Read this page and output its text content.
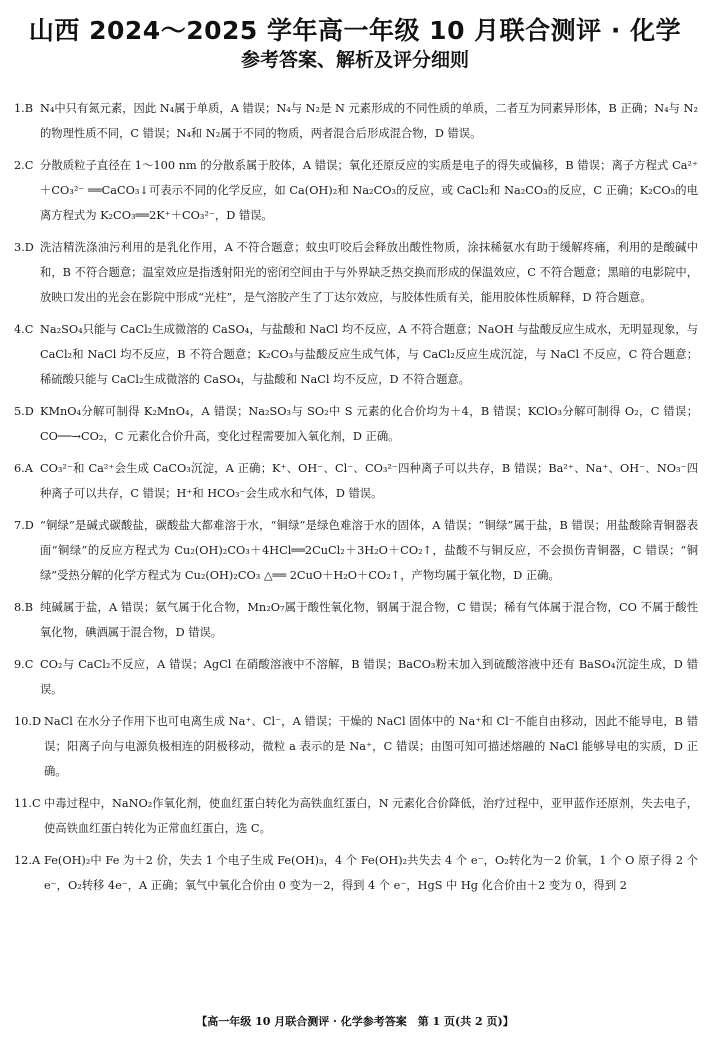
山西 2024～2025 学年高一年级 10 月联合测评 · 化学
参考答案、解析及评分细则
1.B N₄中只有氮元素，因此 N₄属于单质，A 错误；N₄与 N₂是 N 元素形成的不同性质的单质，二者互为同素异形体，B 正确；N₄与 N₂的物理性质不同，C 错误；N₄和 N₂属于不同的物质，两者混合后形成混合物，D 错误。
2.C 分散质粒子直径在 1～100 nm 的分散系属于胶体，A 错误；氧化还原反应的实质是电子的得失或偏移，B 错误；离子方程式 Ca²⁺＋CO₃²⁻ ══CaCO₃↓可表示不同的化学反应，如 Ca(OH)₂和 Na₂CO₃的反应，或 CaCl₂和 Na₂CO₃的反应，C 正确；K₂CO₃的电离方程式为 K₂CO₃══2K⁺＋CO₃²⁻，D 错误。
3.D 洗洁精洗涤油污利用的是乳化作用，A 不符合题意；蚊虫叮咬后会释放出酸性物质，涂抹稀氨水有助于缓解疼痛，利用的是酸碱中和，B 不符合题意；温室效应是指透射阳光的密闭空间由于与外界缺乏热交换而形成的保温效应，C 不符合题意；黑暗的电影院中，放映口发出的光会在影院中形成“光柱”，是气溶胶产生了丁达尔效应，与胶体性质有关，能用胶体性质解释，D 符合题意。
4.C Na₂SO₄只能与 CaCl₂生成微溶的 CaSO₄，与盐酸和 NaCl 均不反应，A 不符合题意；NaOH 与盐酸反应生成水，无明显现象，与 CaCl₂和 NaCl 均不反应，B 不符合题意；K₂CO₃与盐酸反应生成气体，与 CaCl₂反应生成沉淀，与 NaCl 不反应，C 符合题意；稀硫酸只能与 CaCl₂生成微溶的 CaSO₄，与盐酸和 NaCl 均不反应，D 不符合题意。
5.D KMnO₄分解可制得 K₂MnO₄，A 错误；Na₂SO₃与 SO₂中 S 元素的化合价均为＋4，B 错误；KClO₃分解可制得 O₂，C 错误；CO──→CO₂，C 元素化合价升高，变化过程需要加入氧化剂，D 正确。
6.A CO₃²⁻和 Ca²⁺会生成 CaCO₃沉淀，A 正确；K⁺、OH⁻、Cl⁻、CO₃²⁻四种离子可以共存，B 错误；Ba²⁺、Na⁺、OH⁻、NO₃⁻四种离子可以共存，C 错误；H⁺和 HCO₃⁻会生成水和气体，D 错误。
7.D “铜绿”是碱式碳酸盐，碳酸盐大都难溶于水，“铜绿”是绿色难溶于水的固体，A 错误；“铜绿”属于盐，B 错误；用盐酸除青铜器表面“铜绿”的反应方程式为 Cu₂(OH)₂CO₃＋4HCl══2CuCl₂＋3H₂O＋CO₂↑，盐酸不与铜反应，不会损伤青铜器，C 错误；“铜绿”受热分解的化学方程式为 Cu₂(OH)₂CO₃ △══ 2CuO＋H₂O＋CO₂↑，产物均属于氧化物，D 正确。
8.B 纯碱属于盐，A 错误；氨气属于化合物，Mn₂O₇属于酸性氧化物，钢属于混合物，C 错误；稀有气体属于混合物，CO 不属于酸性氧化物，碘酒属于混合物，D 错误。
9.C CO₂与 CaCl₂不反应，A 错误；AgCl 在硝酸溶液中不溶解，B 错误；BaCO₃粉末加入到硫酸溶液中还有 BaSO₄沉淀生成，D 错误。
10.D NaCl 在水分子作用下也可电离生成 Na⁺、Cl⁻，A 错误；干燥的 NaCl 固体中的 Na⁺和 Cl⁻不能自由移动，因此不能导电，B 错误；阳离子向与电源负极相连的阴极移动，微粒 a 表示的是 Na⁺，C 错误；由图可知可描述熔融的 NaCl 能够导电的实质，D 正确。
11.C 中毒过程中，NaNO₂作氧化剂，使血红蛋白转化为高铁血红蛋白，N 元素化合价降低，治疗过程中，亚甲蓝作还原剂，失去电子，使高铁血红蛋白转化为正常血红蛋白，选 C。
12.A Fe(OH)₂中 Fe 为＋2 价，失去 1 个电子生成 Fe(OH)₃，4 个 Fe(OH)₂共失去 4 个 e⁻，O₂转化为－2 价氧，1 个 O 原子得 2 个 e⁻，O₂转移 4e⁻，A 正确；氧气中氧化合价由 0 变为－2，得到 4 个 e⁻，HgS 中 Hg 化合价由＋2 变为 0，得到 2
【高一年级 10 月联合测评 · 化学参考答案　第 1 页(共 2 页)】
